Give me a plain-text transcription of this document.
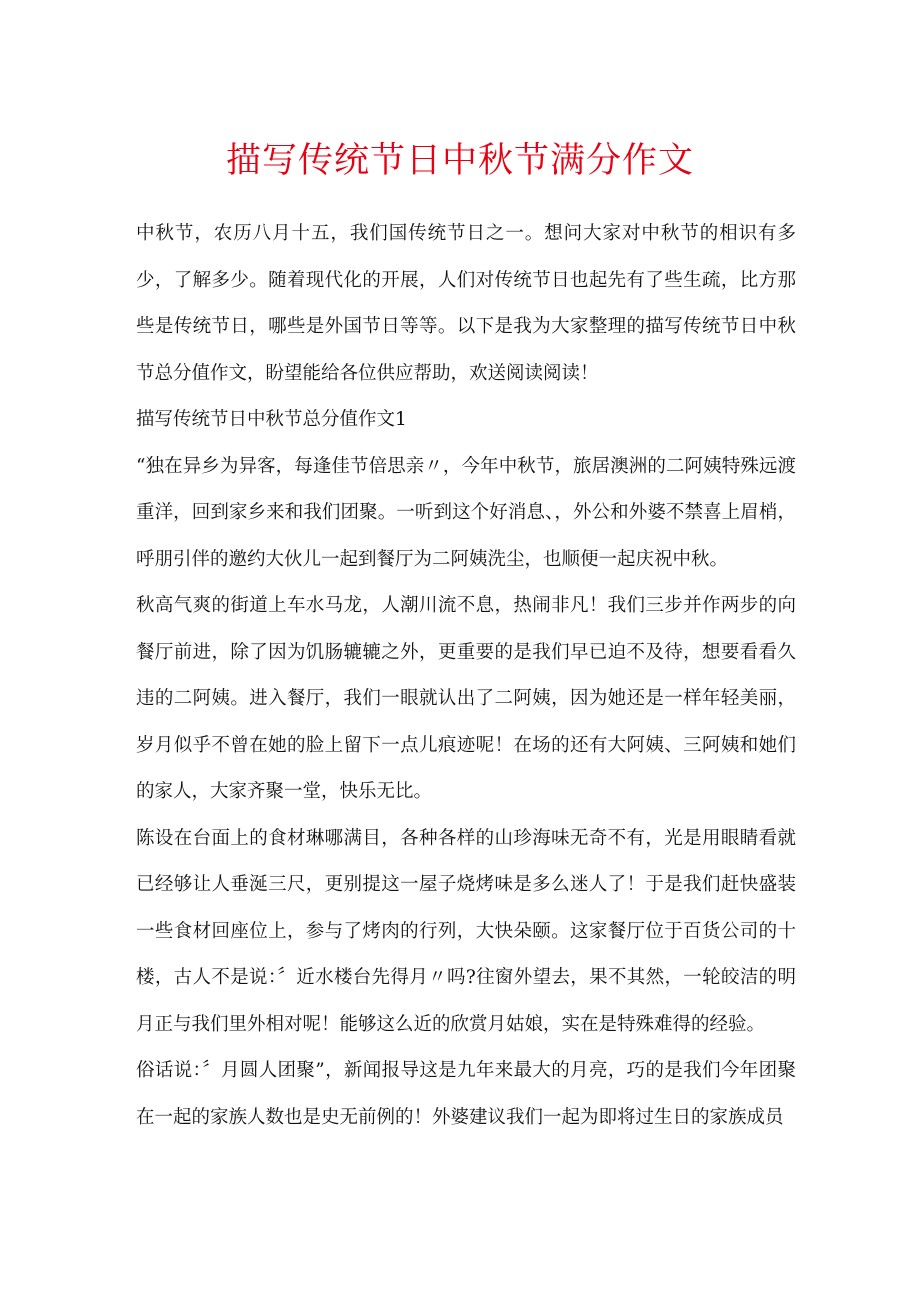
描写传统节日中秋节满分作文

中秋节，农历八月十五，我们国传统节日之一。想问大家对中秋节的相识有多少，了解多少。随着现代化的开展，人们对传统节日也起先有了些生疏，比方那些是传统节日，哪些是外国节日等等。以下是我为大家整理的描写传统节日中秋节总分值作文，盼望能给各位供应帮助，欢送阅读阅读！

描写传统节日中秋节总分值作文1

“独在异乡为异客，每逢佳节倍思亲〃，今年中秋节，旅居澳洲的二阿姨特殊远渡重洋，回到家乡来和我们团聚。一听到这个好消息、，外公和外婆不禁喜上眉梢，呼朋引伴的邀约大伙儿一起到餐厅为二阿姨洗尘，也顺便一起庆祝中秋。

秋高气爽的街道上车水马龙，人潮川流不息，热闹非凡！我们三步并作两步的向餐厅前进，除了因为饥肠辘辘之外，更重要的是我们早已迫不及待，想要看看久违的二阿姨。进入餐厅，我们一眼就认出了二阿姨，因为她还是一样年轻美丽，岁月似乎不曾在她的脸上留下一点儿痕迹呢！在场的还有大阿姨、三阿姨和她们的家人，大家齐聚一堂，快乐无比。

陈设在台面上的食材琳哪满目，各种各样的山珍海味无奇不有，光是用眼睛看就已经够让人垂涎三尺，更别提这一屋子烧烤味是多么迷人了！于是我们赶快盛装一些食材回座位上，参与了烤肉的行列，大快朵颐。这家餐厅位于百货公司的十楼，古人不是说：〞近水楼台先得月〃吗?往窗外望去，果不其然，一轮皎洁的明月正与我们里外相对呢！能够这么近的欣赏月姑娘，实在是特殊难得的经验。

俗话说：〞月圆人团聚”，新闻报导这是九年来最大的月亮，巧的是我们今年团聚在一起的家族人数也是史无前例的！外婆建议我们一起为即将过生日的家族成员
